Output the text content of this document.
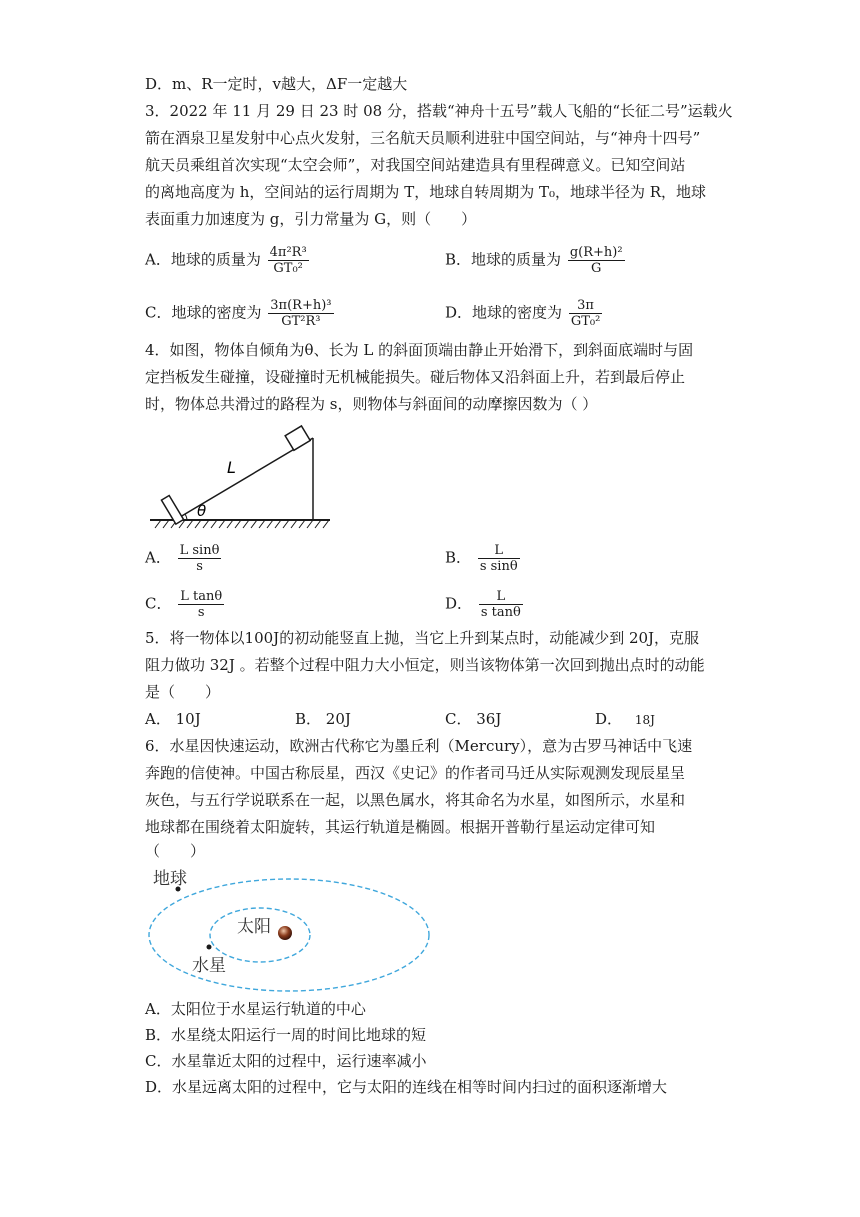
D．m、R一定时，v越大，ΔF一定越大
3．2022 年 11 月 29 日 23 时 08 分，搭载“神舟十五号”载人飞船的“长征二号”运载火
箭在酒泉卫星发射中心点火发射，三名航天员顺利进驻中国空间站，与“神舟十四号”
航天员乘组首次实现“太空会师”，对我国空间站建造具有里程碑意义。已知空间站
的离地高度为 h，空间站的运行周期为 T，地球自转周期为 T₀，地球半径为 R，地球
表面重力加速度为 g，引力常量为 G，则（　　）
A．地球的质量为 $\frac{\text{4π²R³}}{\text{GT₀²}}$	B．地球的质量为 $\frac{\text{g(R+h)²}}{G}$
C．地球的密度为 $\frac{\text{3π(R+h)³}}{\text{GT²R³}}$	D．地球的密度为 $\frac{3\pi}{\text{GT₀²}}$
4．如图，物体自倾角为θ、长为 L 的斜面顶端由静止开始滑下，到斜面底端时与固
定挡板发生碰撞，设碰撞时无机械能损失。碰后物体又沿斜面上升，若到最后停止
时，物体总共滑过的路程为 s，则物体与斜面间的动摩擦因数为（ ）
θ
L
A． $\frac{\text{L sinθ}}{s}$	B． $\frac{L}{\text{s sinθ}}$
C． $\frac{\text{L tanθ}}{s}$	D． $\frac{L}{\text{s tanθ}}$
5．将一物体以100J的初动能竖直上抛，当它上升到某点时，动能减少到 20J，克服
阻力做功 32J 。若整个过程中阻力大小恒定，则当该物体第一次回到抛出点时的动能
是（　　）
A． 10J	B． 20J	C． 36J	D． 18J
6．水星因快速运动，欧洲古代称它为墨丘利（Mercury），意为古罗马神话中飞速
奔跑的信使神。中国古称辰星，西汉《史记》的作者司马迁从实际观测发现辰星呈
灰色，与五行学说联系在一起，以黑色属水，将其命名为水星，如图所示，水星和
地球都在围绕着太阳旋转，其运行轨道是椭圆。根据开普勒行星运动定律可知
（　　）
地球
太阳
水星
A．太阳位于水星运行轨道的中心
B．水星绕太阳运行一周的时间比地球的短
C．水星靠近太阳的过程中，运行速率减小
D．水星远离太阳的过程中，它与太阳的连线在相等时间内扫过的面积逐渐增大
